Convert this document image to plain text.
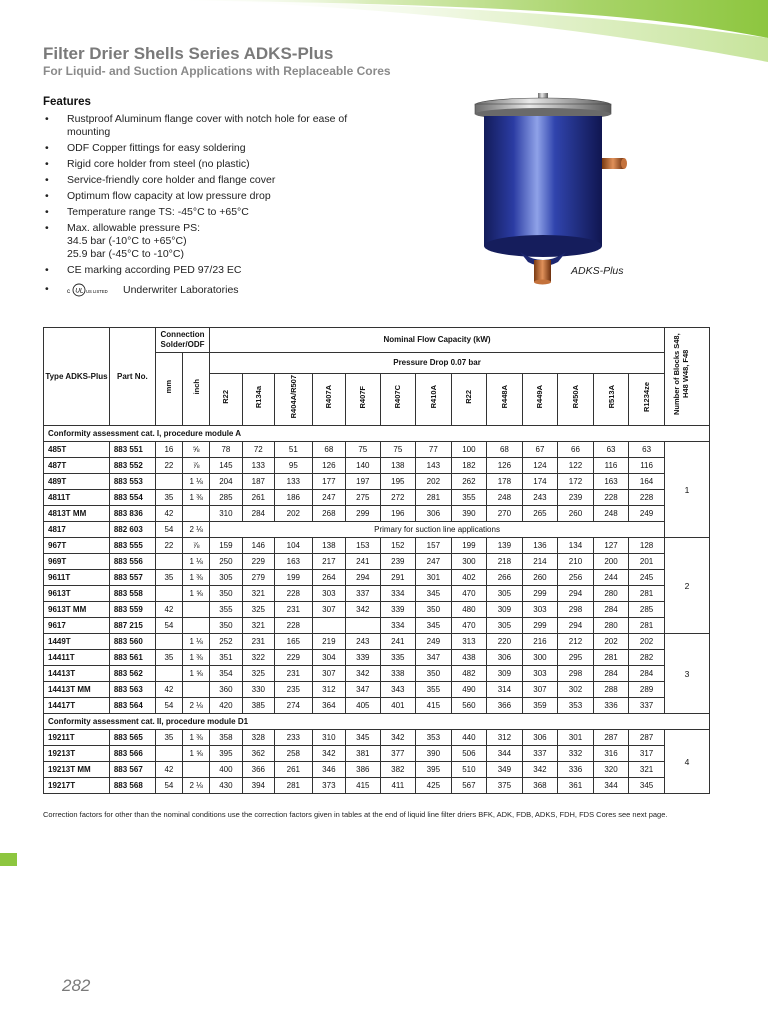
Filter Drier Shells Series ADKS-Plus
For Liquid- and Suction Applications with Replaceable Cores
Features
• Rustproof Aluminum flange cover with notch hole for ease of mounting
• ODF Copper fittings for easy soldering
• Rigid core holder from steel (no plastic)
• Service-friendly core holder and flange cover
• Optimum flow capacity at low pressure drop
• Temperature range TS: -45°C to +65°C
• Max. allowable pressure PS:
34.5 bar (-10°C to +65°C)
25.9 bar (-45°C to -10°C)
• CE marking according PED 97/23 EC
•	c UL US LISTED Underwriter Laboratories
ADKS-Plus
Type ADKS-Plus	Part No.	Connection Solder/ODF		Nominal Flow Capacity (kW)													Number of Blocks S48, H48 W48, F48
		mm	inch	Pressure Drop 0.07 bar													
				R22	R134a	R404A/R507	R407A	R407F	R407C	R410A	R22	R448A	R449A	R450A	R513A	R1234ze	
Conformity assessment cat. I, procedure module A																	
485T	883 551	16	⅝	78	72	51	68	75	75	77	100	68	67	66	63	63	1
487T	883 552	22	⅞	145	133	95	126	140	138	143	182	126	124	122	116	116	
489T	883 553		1 ⅛	204	187	133	177	197	195	202	262	178	174	172	163	164	
4811T	883 554	35	1 ⅜	285	261	186	247	275	272	281	355	248	243	239	228	228	
4813T MM	883 836	42		310	284	202	268	299	196	306	390	270	265	260	248	249	
4817	882 603	54	2 ⅛	Primary for suction line applications													
967T	883 555	22	⅞	159	146	104	138	153	152	157	199	139	136	134	127	128	2
969T	883 556		1 ⅛	250	229	163	217	241	239	247	300	218	214	210	200	201	
9611T	883 557	35	1 ⅜	305	279	199	264	294	291	301	402	266	260	256	244	245	
9613T	883 558		1 ⅝	350	321	228	303	337	334	345	470	305	299	294	280	281	
9613T MM	883 559	42		355	325	231	307	342	339	350	480	309	303	298	284	285	
9617	887 215	54		350	321	228			334	345	470	305	299	294	280	281	
1449T	883 560		1 ⅛	252	231	165	219	243	241	249	313	220	216	212	202	202	3
14411T	883 561	35	1 ⅜	351	322	229	304	339	335	347	438	306	300	295	281	282	
14413T	883 562		1 ⅝	354	325	231	307	342	338	350	482	309	303	298	284	284	
14413T MM	883 563	42		360	330	235	312	347	343	355	490	314	307	302	288	289	
14417T	883 564	54	2 ⅛	420	385	274	364	405	401	415	560	366	359	353	336	337	
Conformity assessment cat. II, procedure module D1																	
19211T	883 565	35	1 ⅜	358	328	233	310	345	342	353	440	312	306	301	287	287	4
19213T	883 566		1 ⅝	395	362	258	342	381	377	390	506	344	337	332	316	317	
19213T MM	883 567	42		400	366	261	346	386	382	395	510	349	342	336	320	321	
19217T	883 568	54	2 ⅛	430	394	281	373	415	411	425	567	375	368	361	344	345	
Correction factors for other than the nominal conditions use the correction factors given in tables at the end of liquid line filter driers BFK, ADK, FDB, ADKS, FDH, FDS Cores see next page.
282
